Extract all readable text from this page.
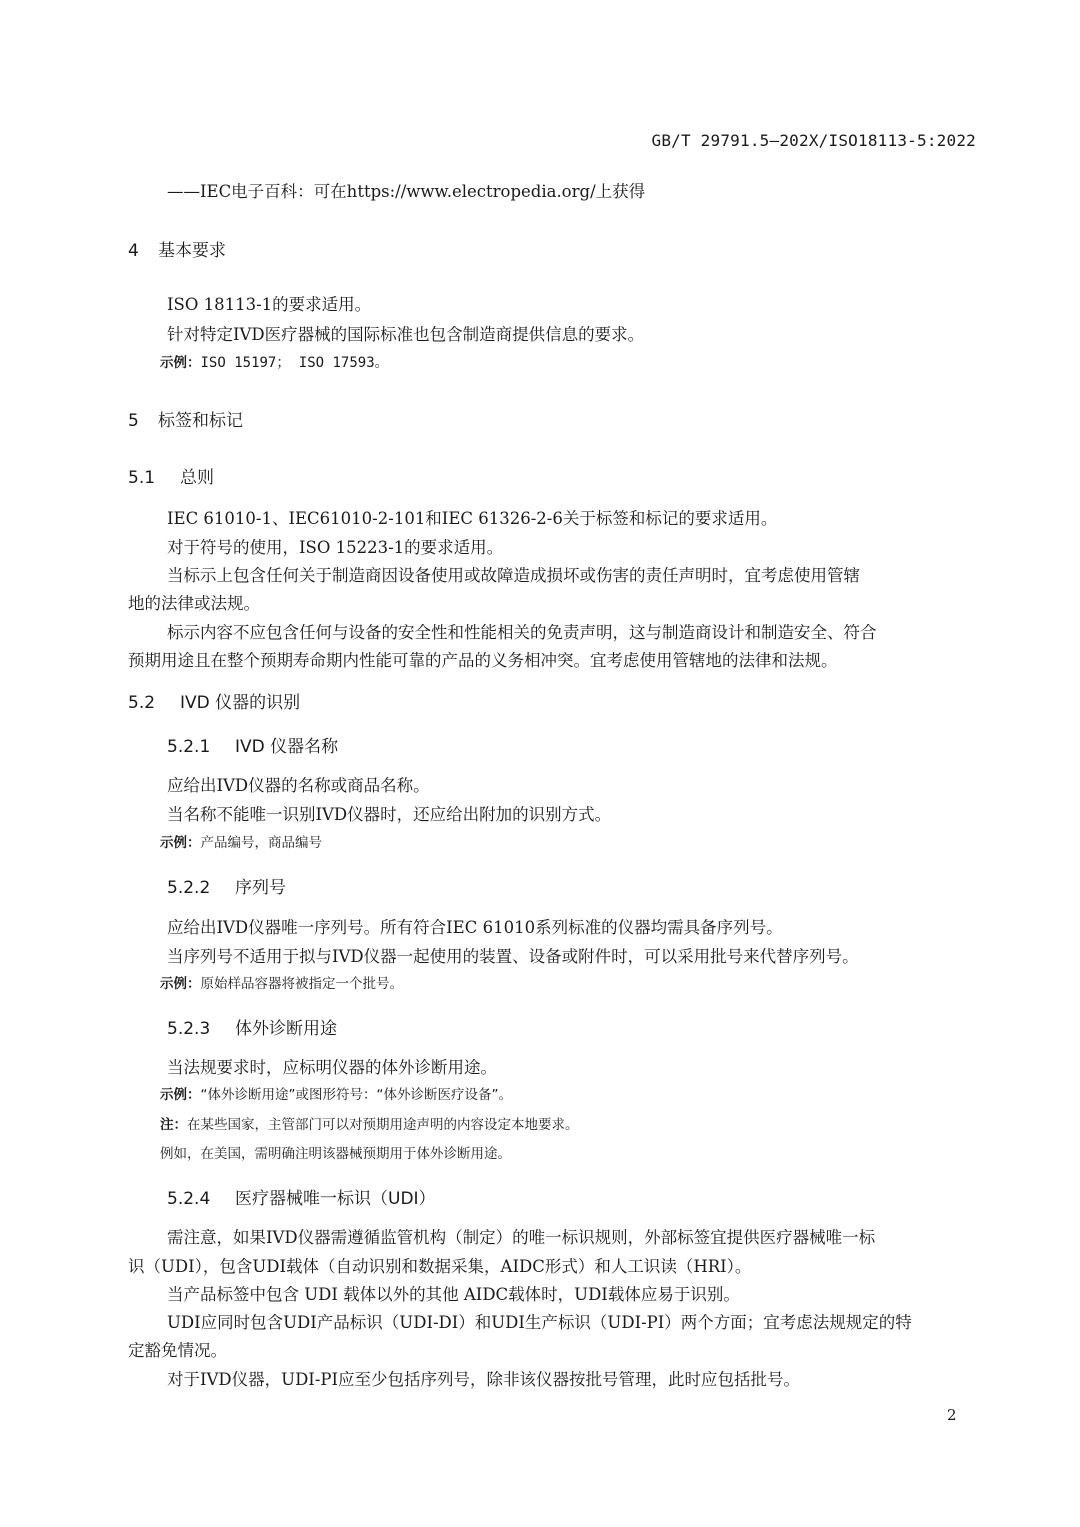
GB/T 29791.5—202X/ISO18113-5:2022
——IEC电子百科：可在https://www.electropedia.org/上获得
4 基本要求
ISO 18113-1的要求适用。
针对特定IVD医疗器械的国际标准也包含制造商提供信息的要求。
示例：ISO 15197； ISO 17593。
5 标签和标记
5.1 总则
IEC 61010-1、IEC61010-2-101和IEC 61326-2-6关于标签和标记的要求适用。
对于符号的使用，ISO 15223-1的要求适用。
当标示上包含任何关于制造商因设备使用或故障造成损坏或伤害的责任声明时，宜考虑使用管辖
地的法律或法规。
标示内容不应包含任何与设备的安全性和性能相关的免责声明，这与制造商设计和制造安全、符合
预期用途且在整个预期寿命期内性能可靠的产品的义务相冲突。宜考虑使用管辖地的法律和法规。
5.2 IVD 仪器的识别
5.2.1 IVD 仪器名称
应给出IVD仪器的名称或商品名称。
当名称不能唯一识别IVD仪器时，还应给出附加的识别方式。
示例：产品编号，商品编号
5.2.2 序列号
应给出IVD仪器唯一序列号。所有符合IEC 61010系列标准的仪器均需具备序列号。
当序列号不适用于拟与IVD仪器一起使用的装置、设备或附件时，可以采用批号来代替序列号。
示例：原始样品容器将被指定一个批号。
5.2.3 体外诊断用途
当法规要求时，应标明仪器的体外诊断用途。
示例：“体外诊断用途”或图形符号：“体外诊断医疗设备”。
注：在某些国家，主管部门可以对预期用途声明的内容设定本地要求。
例如，在美国，需明确注明该器械预期用于体外诊断用途。
5.2.4 医疗器械唯一标识（UDI）
需注意，如果IVD仪器需遵循监管机构（制定）的唯一标识规则，外部标签宜提供医疗器械唯一标
识（UDI），包含UDI载体（自动识别和数据采集，AIDC形式）和人工识读（HRI）。
当产品标签中包含 UDI 载体以外的其他 AIDC载体时，UDI载体应易于识别。
UDI应同时包含UDI产品标识（UDI-DI）和UDI生产标识（UDI-PI）两个方面；宜考虑法规规定的特
定豁免情况。
对于IVD仪器，UDI-PI应至少包括序列号，除非该仪器按批号管理，此时应包括批号。
2
